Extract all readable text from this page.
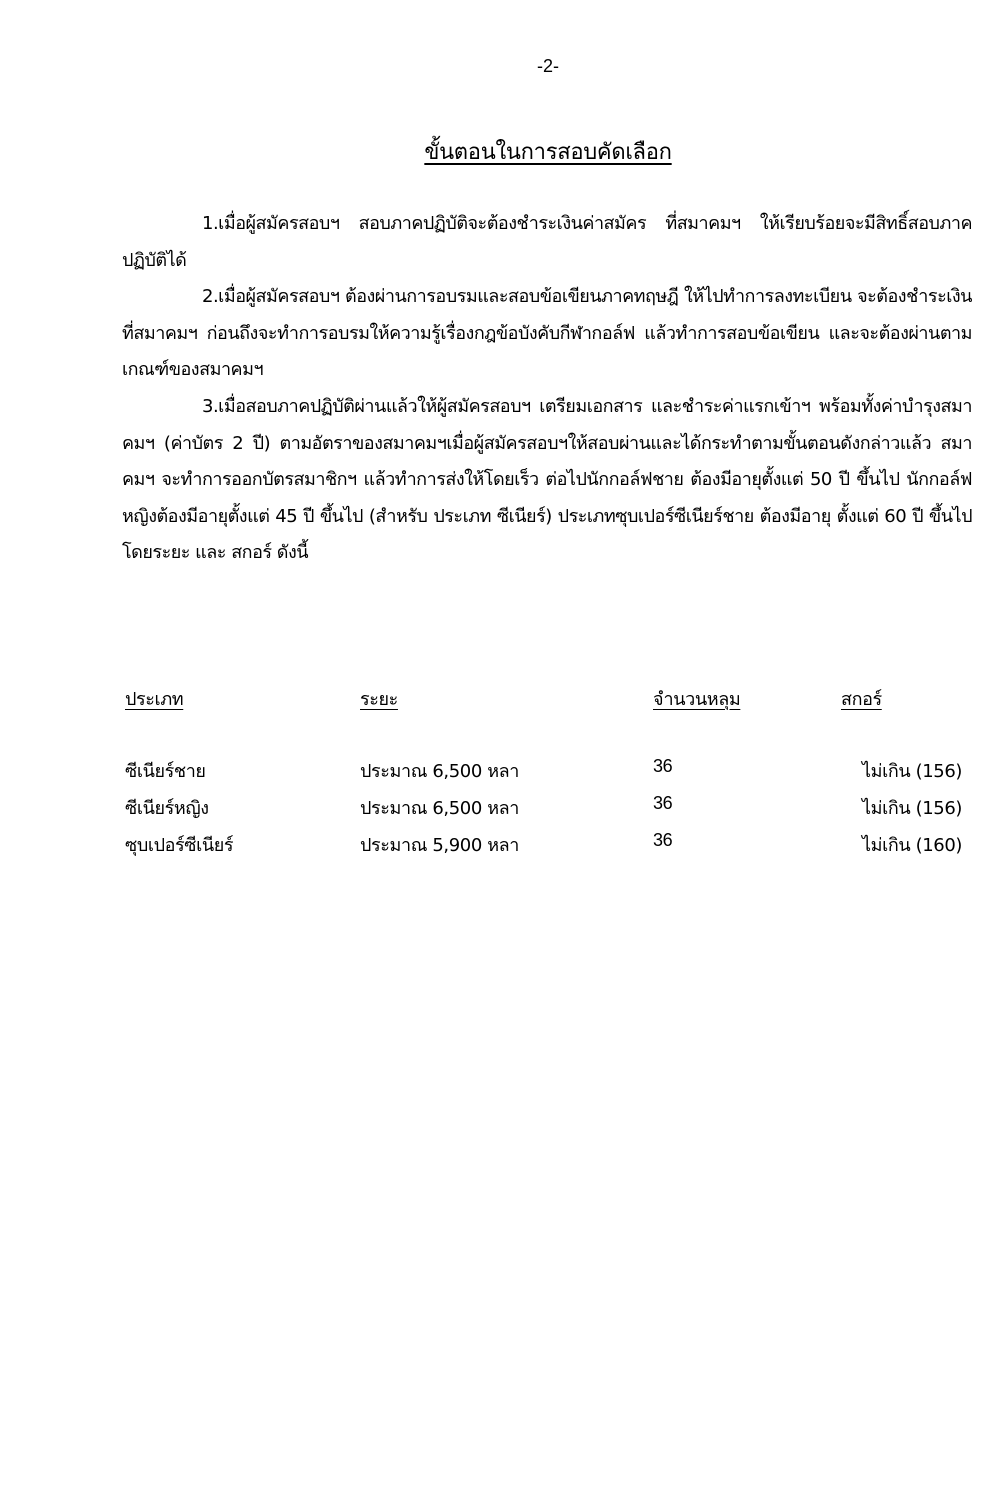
-2-
ขั้นตอนในการสอบคัดเลือก

1.เมื่อผู้สมัครสอบฯ สอบภาคปฏิบัติจะต้องชำระเงินค่าสมัคร ที่สมาคมฯ ให้เรียบร้อยจะมีสิทธิ์สอบภาคปฏิบัติได้

2.เมื่อผู้สมัครสอบฯ ต้องผ่านการอบรมและสอบข้อเขียนภาคทฤษฎี ให้ไปทำการลงทะเบียน จะต้องชำระเงินที่สมาคมฯ ก่อนถึงจะทำการอบรมให้ความรู้เรื่องกฎข้อบังคับกีฬากอล์ฟ แล้วทำการสอบข้อเขียน และจะต้องผ่านตามเกณฑ์ของสมาคมฯ

3.เมื่อสอบภาคปฏิบัติผ่านแล้วให้ผู้สมัครสอบฯ เตรียมเอกสาร และชำระค่าแรกเข้าฯ พร้อมทั้งค่าบำรุงสมาคมฯ (ค่าบัตร 2 ปี) ตามอัตราของสมาคมฯเมื่อผู้สมัครสอบฯให้สอบผ่านและได้กระทำตามขั้นตอนดังกล่าวแล้ว สมาคมฯ จะทำการออกบัตรสมาชิกฯ แล้วทำการส่งให้โดยเร็ว ต่อไปนักกอล์ฟชาย ต้องมีอายุตั้งแต่ 50 ปี ขึ้นไป นักกอล์ฟหญิงต้องมีอายุตั้งแต่ 45 ปี ขึ้นไป (สำหรับ ประเภท ซีเนียร์) ประเภทซุบเปอร์ซีเนียร์ชาย ต้องมีอายุ ตั้งแต่ 60 ปี ขึ้นไป โดยระยะ และ สกอร์ ดังนี้

ประเภท	ระยะ	จำนวนหลุม	สกอร์
ซีเนียร์ชาย	ประมาณ 6,500 หลา	36	ไม่เกิน (156)
ซีเนียร์หญิง	ประมาณ 6,500 หลา	36	ไม่เกิน (156)
ซุบเปอร์ซีเนียร์	ประมาณ 5,900 หลา	36	ไม่เกิน (160)
